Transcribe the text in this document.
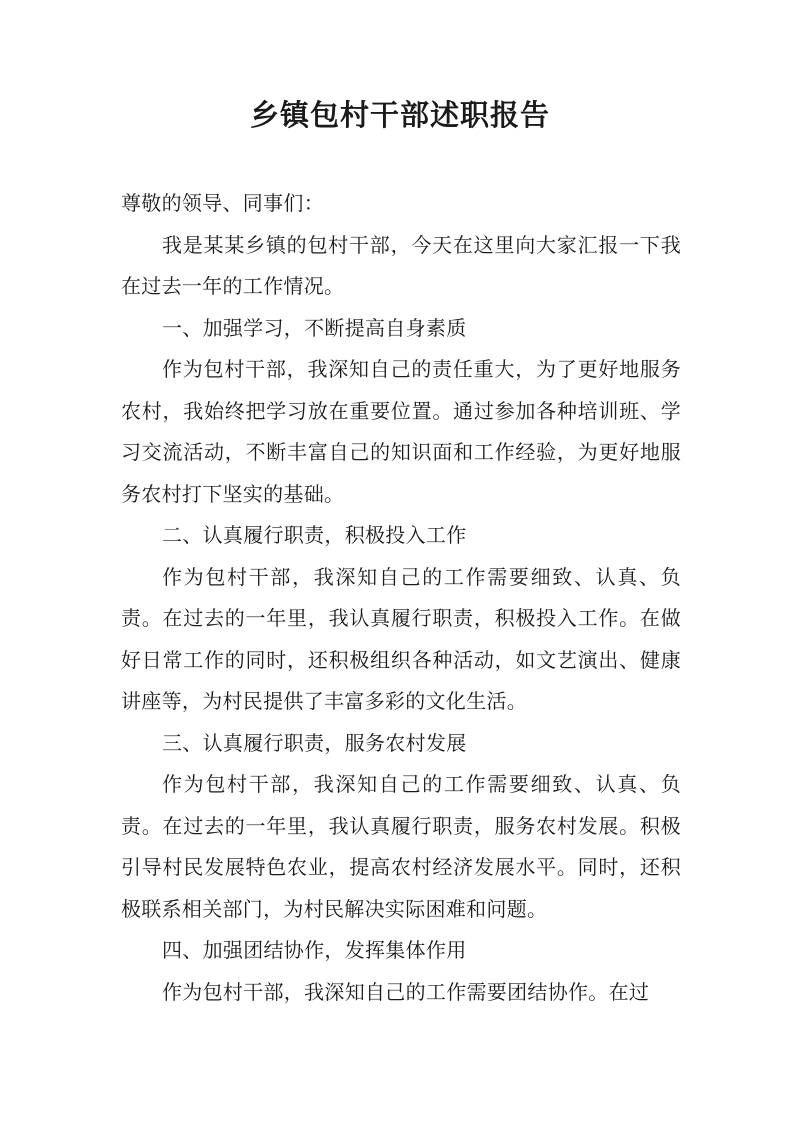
乡镇包村干部述职报告

尊敬的领导、同事们：

我是某某乡镇的包村干部，今天在这里向大家汇报一下我在过去一年的工作情况。

一、加强学习，不断提高自身素质

作为包村干部，我深知自己的责任重大，为了更好地服务农村，我始终把学习放在重要位置。通过参加各种培训班、学习交流活动，不断丰富自己的知识面和工作经验，为更好地服务农村打下坚实的基础。

二、认真履行职责，积极投入工作

作为包村干部，我深知自己的工作需要细致、认真、负责。在过去的一年里，我认真履行职责，积极投入工作。在做好日常工作的同时，还积极组织各种活动，如文艺演出、健康讲座等，为村民提供了丰富多彩的文化生活。

三、认真履行职责，服务农村发展

作为包村干部，我深知自己的工作需要细致、认真、负责。在过去的一年里，我认真履行职责，服务农村发展。积极引导村民发展特色农业，提高农村经济发展水平。同时，还积极联系相关部门，为村民解决实际困难和问题。

四、加强团结协作，发挥集体作用

作为包村干部，我深知自己的工作需要团结协作。在过
